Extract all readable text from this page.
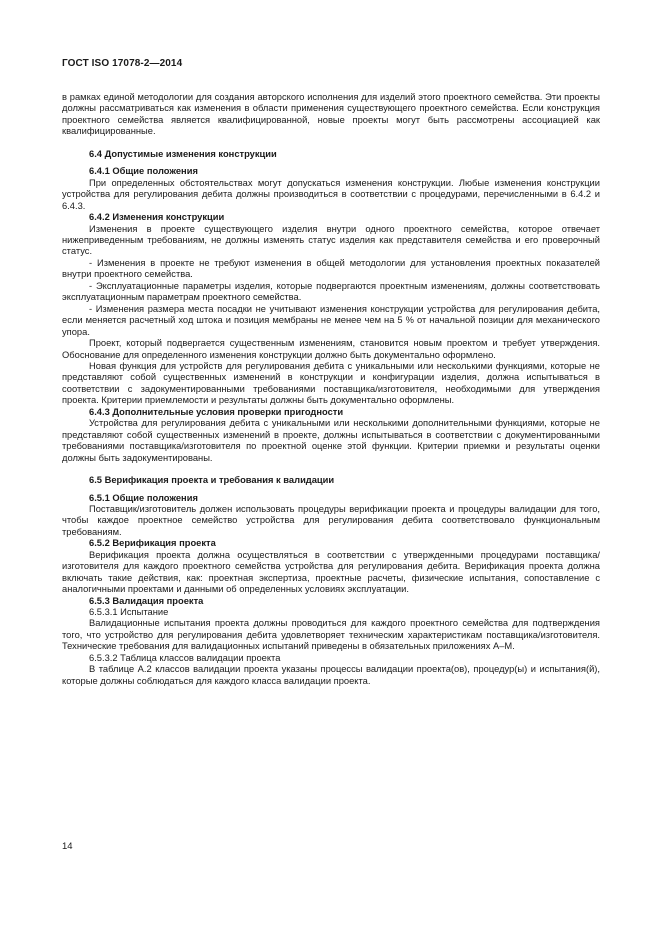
ГОСТ ISO 17078-2—2014

в рамках единой методологии для создания авторского исполнения для изделий этого проектного семейства. Эти проекты должны рассматриваться как изменения в области применения существующего проектного семейства. Если конструкция проектного семейства является квалифицированной, новые проекты могут быть рассмотрены ассоциацией как квалифицированные.

6.4 Допустимые изменения конструкции
6.4.1 Общие положения

При определенных обстоятельствах могут допускаться изменения конструкции. Любые изменения конструкции устройства для регулирования дебита должны производиться в соответствии с процедурами, перечисленными в 6.4.2 и 6.4.3.

6.4.2 Изменения конструкции

Изменения в проекте существующего изделия внутри одного проектного семейства, которое отвечает нижеприведенным требованиям, не должны изменять статус изделия как представителя семейства и его проверочный статус.

- Изменения в проекте не требуют изменения в общей методологии для установления проектных показателей внутри проектного семейства.

- Эксплуатационные параметры изделия, которые подвергаются проектным изменениям, должны соответствовать эксплуатационным параметрам проектного семейства.

- Изменения размера места посадки не учитывают изменения конструкции устройства для регулирования дебита, если меняется расчетный ход штока и позиция мембраны не менее чем на 5 % от начальной позиции для механического упора.

Проект, который подвергается существенным изменениям, становится новым проектом и требует утверждения. Обоснование для определенного изменения конструкции должно быть документально оформлено.

Новая функция для устройств для регулирования дебита с уникальными или несколькими функциями, которые не представляют собой существенных изменений в конструкции и конфигурации изделия, должна испытываться в соответствии с задокументированными требованиями поставщика/изготовителя, необходимыми для утверждения проекта. Критерии приемлемости и результаты должны быть документально оформлены.

6.4.3 Дополнительные условия проверки пригодности

Устройства для регулирования дебита с уникальными или несколькими дополнительными функциями, которые не представляют собой существенных изменений в проекте, должны испытываться в соответствии с документированными требованиями поставщика/изготовителя по проектной оценке этой функции. Критерии приемки и результаты оценки должны быть задокументированы.

6.5 Верификация проекта и требования к валидации
6.5.1 Общие положения

Поставщик/изготовитель должен использовать процедуры верификации проекта и процедуры валидации для того, чтобы каждое проектное семейство устройства для регулирования дебита соответствовало функциональным требованиям.

6.5.2 Верификация проекта

Верификация проекта должна осуществляться в соответствии с утвержденными процедурами поставщика/изготовителя для каждого проектного семейства устройства для регулирования дебита. Верификация проекта должна включать такие действия, как: проектная экспертиза, проектные расчеты, физические испытания, сопоставление с аналогичными проектами и данными об определенных условиях эксплуатации.

6.5.3 Валидация проекта

6.5.3.1 Испытание

Валидационные испытания проекта должны проводиться для каждого проектного семейства для подтверждения того, что устройство для регулирования дебита удовлетворяет техническим характеристикам поставщика/изготовителя. Технические требования для валидационных испытаний приведены в обязательных приложениях А–М.

6.5.3.2 Таблица классов валидации проекта

В таблице А.2 классов валидации проекта указаны процессы валидации проекта(ов), процедур(ы) и испытания(й), которые должны соблюдаться для каждого класса валидации проекта.

14
